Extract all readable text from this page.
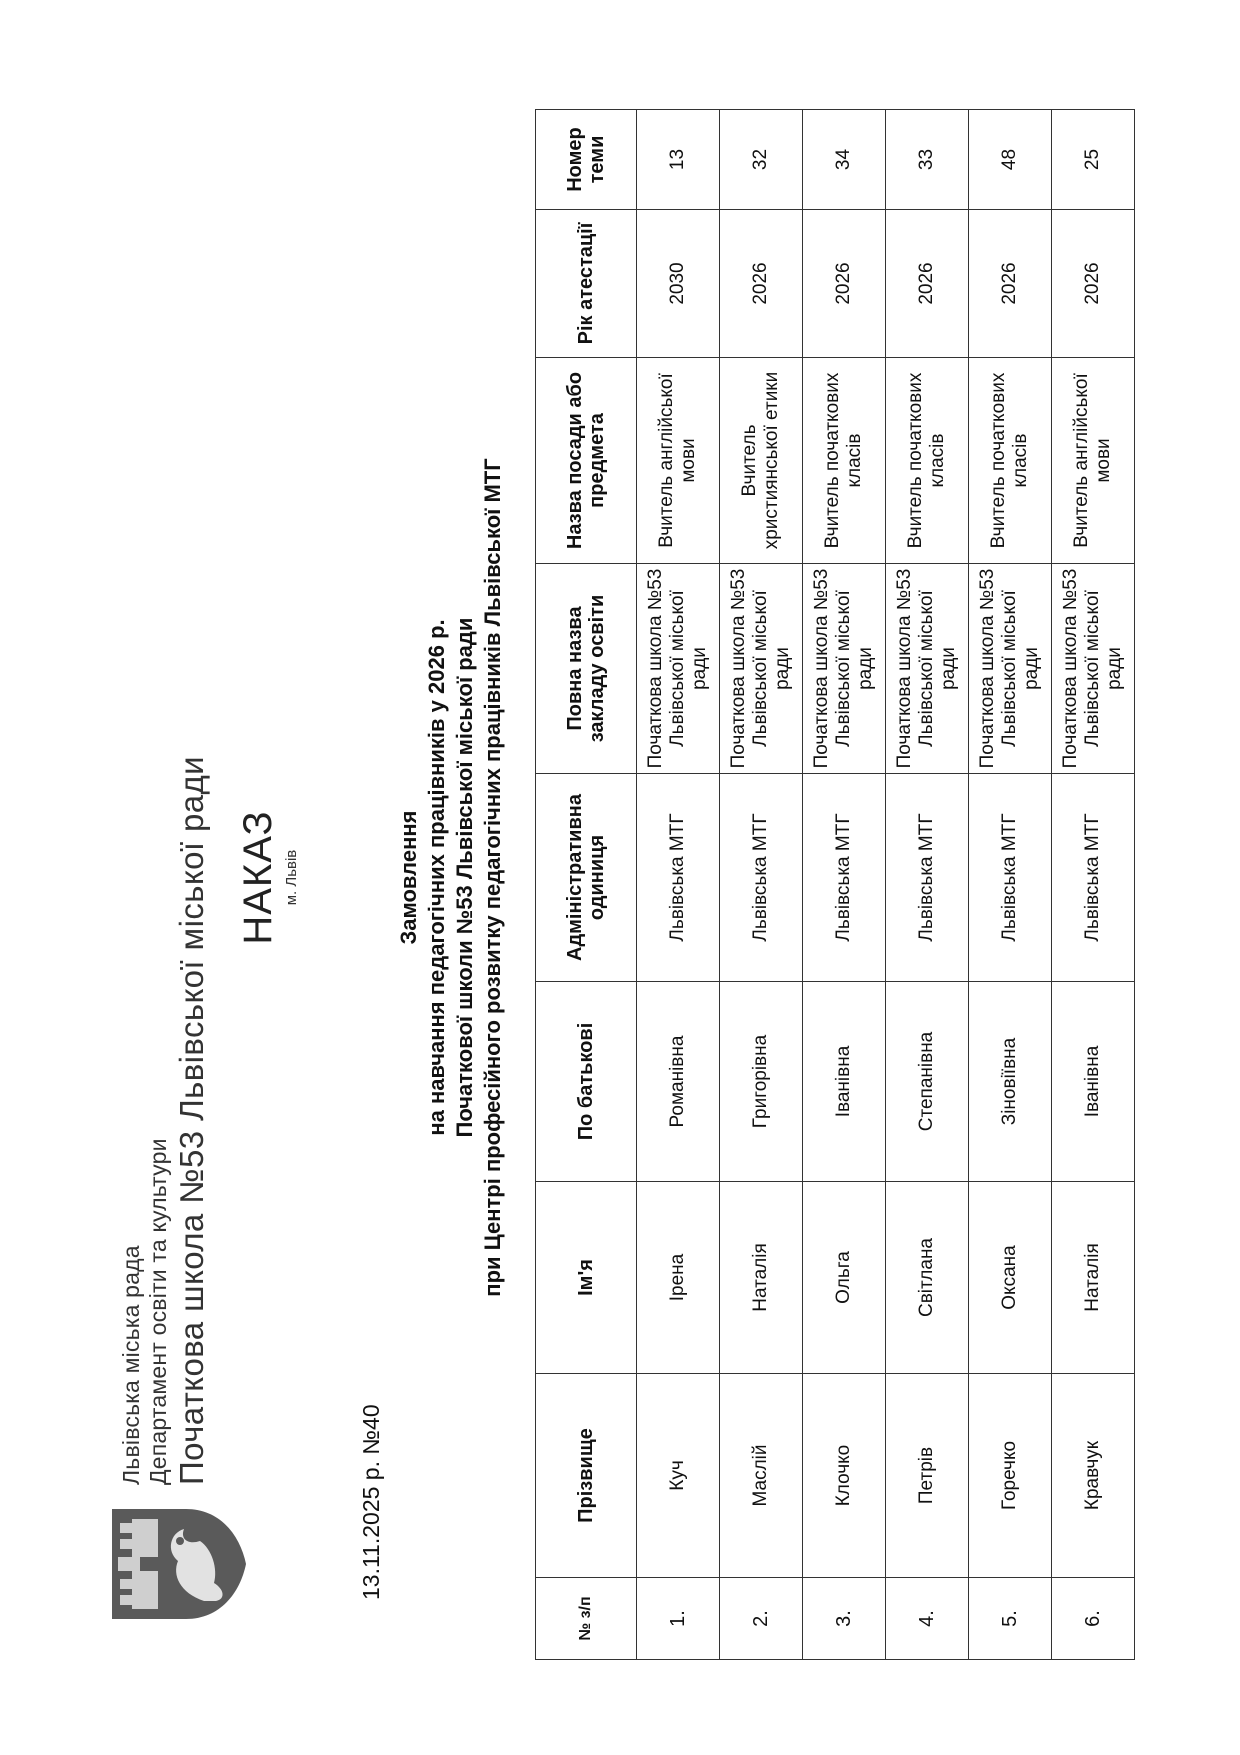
Львівська міська рада Департамент освіти та культури Початкова школа №53 Львівської міської ради НАКАЗ м. Львів
13.11.2025 р. №40
Замовлення на навчання педагогічних працівників у 2026 р. Початкової школи №53 Львівської міської ради при Центрі професійного розвитку педагогічних працівників Львівської МТГ
№ з/п	Прізвище	Ім'я	По батькові	Адміністративна одиниця	Повна назва закладу освіти	Назва посади або предмета	Рік атестації	Номер теми
1.	Куч	Ірена	Романівна	Львівська МТГ	Початкова школа №53 Львівської міської ради	Вчитель англійської мови	2030	13
2.	Маслій	Наталія	Григорівна	Львівська МТГ	Початкова школа №53 Львівської міської ради	Вчитель християнської етики	2026	32
3.	Клочко	Ольга	Іванівна	Львівська МТГ	Початкова школа №53 Львівської міської ради	Вчитель початкових класів	2026	34
4.	Петрів	Світлана	Степанівна	Львівська МТГ	Початкова школа №53 Львівської міської ради	Вчитель початкових класів	2026	33
5.	Горечко	Оксана	Зіновіївна	Львівська МТГ	Початкова школа №53 Львівської міської ради	Вчитель початкових класів	2026	48
6.	Кравчук	Наталія	Іванівна	Львівська МТГ	Початкова школа №53 Львівської міської ради	Вчитель англійської мови	2026	25
